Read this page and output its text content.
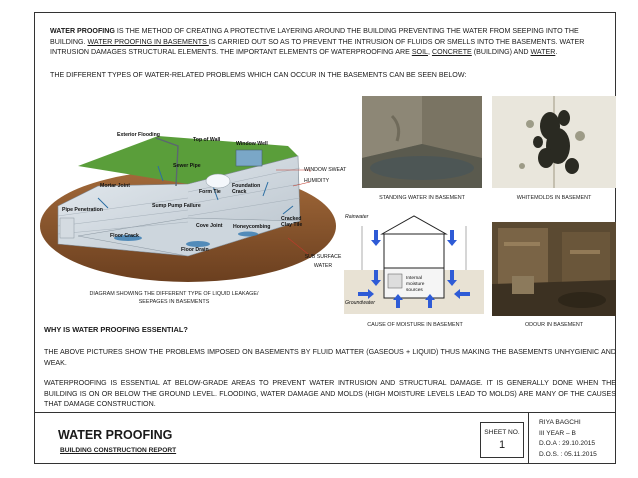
WATER PROOFING IS THE METHOD OF CREATING A PROTECTIVE LAYERING AROUND THE BUILDING PREVENTING THE WATER FROM SEEPING INTO THE BUILDING. WATER PROOFING IN BASEMENTS IS CARRIED OUT SO AS TO PREVENT THE INTRUSION OF FLUIDS OR SMELLS INTO THE BASEMENTS. WATER INTRUSION DAMAGES STRUCTURAL ELEMENTS. THE IMPORTANT ELEMENTS OF WATERPROOFING ARE SOIL, CONCRETE (BUILDING) AND WATER.
THE DIFFERENT TYPES OF WATER-RELATED PROBLEMS WHICH CAN OCCUR IN THE BASEMENTS CAN BE SEEN BELOW:
Exterior Flooding
Top of Wall
Window Well
Sewer Pipe
Mortar Joint
Form Tie
Foundation Crack
Pipe Penetration
Sump Pump Failure
Cove Joint Honeycombing
Cracked Clay Tile
Floor Crack
Floor Drain
WINDOW SWEAT
HUMIDITY
SUB SURFACE WATER
DIAGRAM SHOWING THE DIFFERENT TYPE OF LIQUID LEAKAGE/ SEEPAGES IN BASEMENTS
STANDING WATER IN BASEMENT	WHITEMOLDS IN BASEMENT
Rainwater
Groundwater
Internal moisture sources
CAUSE OF MOISTURE IN BASEMENT	ODOUR IN BASEMENT
WHY IS WATER PROOFING ESSENTIAL?
THE ABOVE PICTURES SHOW THE PROBLEMS IMPOSED ON BASEMENTS BY FLUID MATTER (GASEOUS + LIQUID) THUS MAKING THE BASEMENTS UNHYGIENIC AND WEAK.
WATERPROOFING IS ESSENTIAL AT BELOW-GRADE AREAS TO PREVENT WATER INTRUSION AND STRUCTURAL DAMAGE. IT IS GENERALLY DONE WHEN THE BUILDING IS ON OR BELOW THE GROUND LEVEL. FLOODING, WATER DAMAGE AND MOLDS (HIGH MOISTURE LEVELS LEAD TO MOLDS) ARE MANY OF THE CAUSES THAT DAMAGE CONSTRUCTION.
WATER PROOFING
BUILDING CONSTRUCTION REPORT
SHEET NO.
1
RIYA BAGCHI
III YEAR – B
D.O.A : 29.10.2015
D.O.S. : 05.11.2015
